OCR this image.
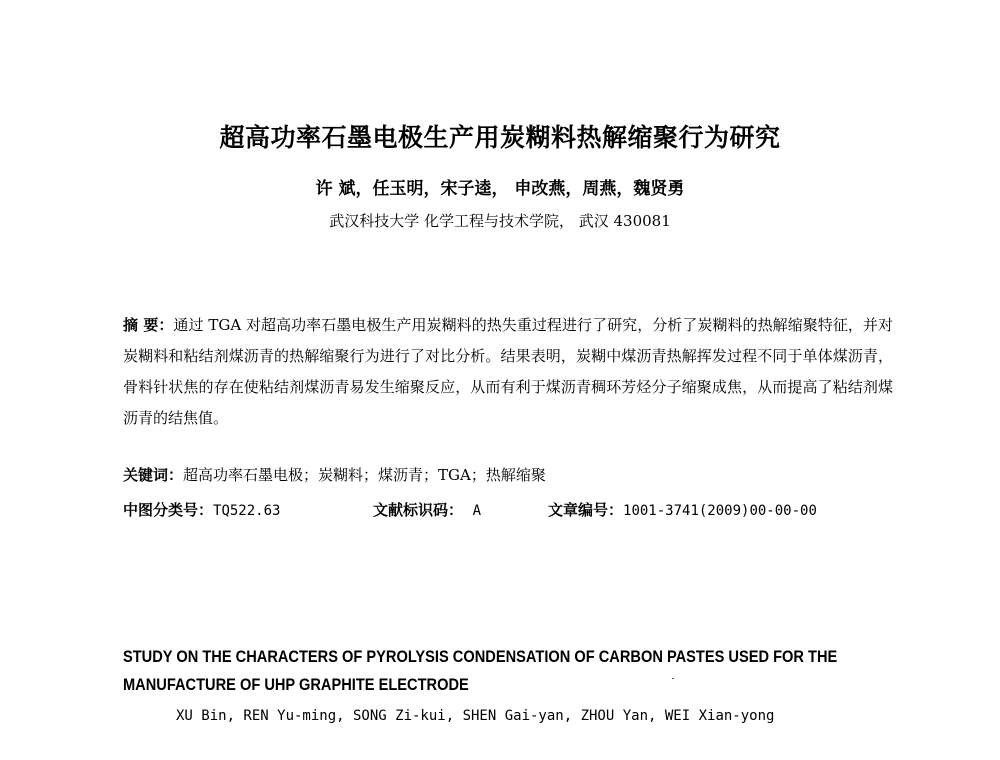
超高功率石墨电极生产用炭糊料热解缩聚行为研究
许 斌，任玉明，宋子逵， 申改燕，周燕，魏贤勇
武汉科技大学 化学工程与技术学院， 武汉 430081
摘 要：通过 TGA 对超高功率石墨电极生产用炭糊料的热失重过程进行了研究，分析了炭糊料的热解缩聚特征，并对炭糊料和粘结剂煤沥青的热解缩聚行为进行了对比分析。结果表明，炭糊中煤沥青热解挥发过程不同于单体煤沥青，骨料针状焦的存在使粘结剂煤沥青易发生缩聚反应，从而有利于煤沥青稠环芳烃分子缩聚成焦，从而提高了粘结剂煤沥青的结焦值。
关键词：超高功率石墨电极；炭糊料；煤沥青；TGA；热解缩聚
中图分类号：TQ522.63	文献标识码： A	文章编号：1001-3741(2009)00-00-00
STUDY ON THE CHARACTERS OF PYROLYSIS CONDENSATION OF CARBON PASTES USED FOR THE MANUFACTURE OF UHP GRAPHITE ELECTRODE
XU Bin, REN Yu-ming, SONG Zi-kui, SHEN Gai-yan, ZHOU Yan, WEI Xian-yong
